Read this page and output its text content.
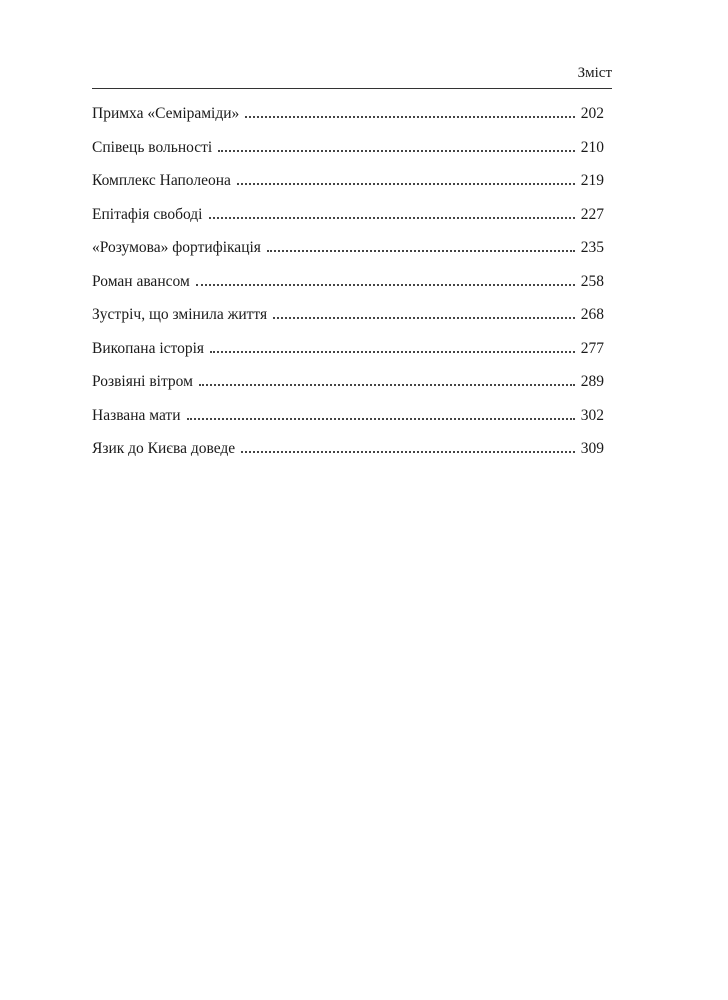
Зміст
Примха «Семіраміди»	202
Співець вольності	210
Комплекс Наполеона	219
Епітафія свободі	227
«Розумова» фортифікація	235
Роман авансом	258
Зустріч, що змінила життя	268
Викопана історія	277
Розвіяні вітром	289
Названа мати	302
Язик до Києва доведе	309
